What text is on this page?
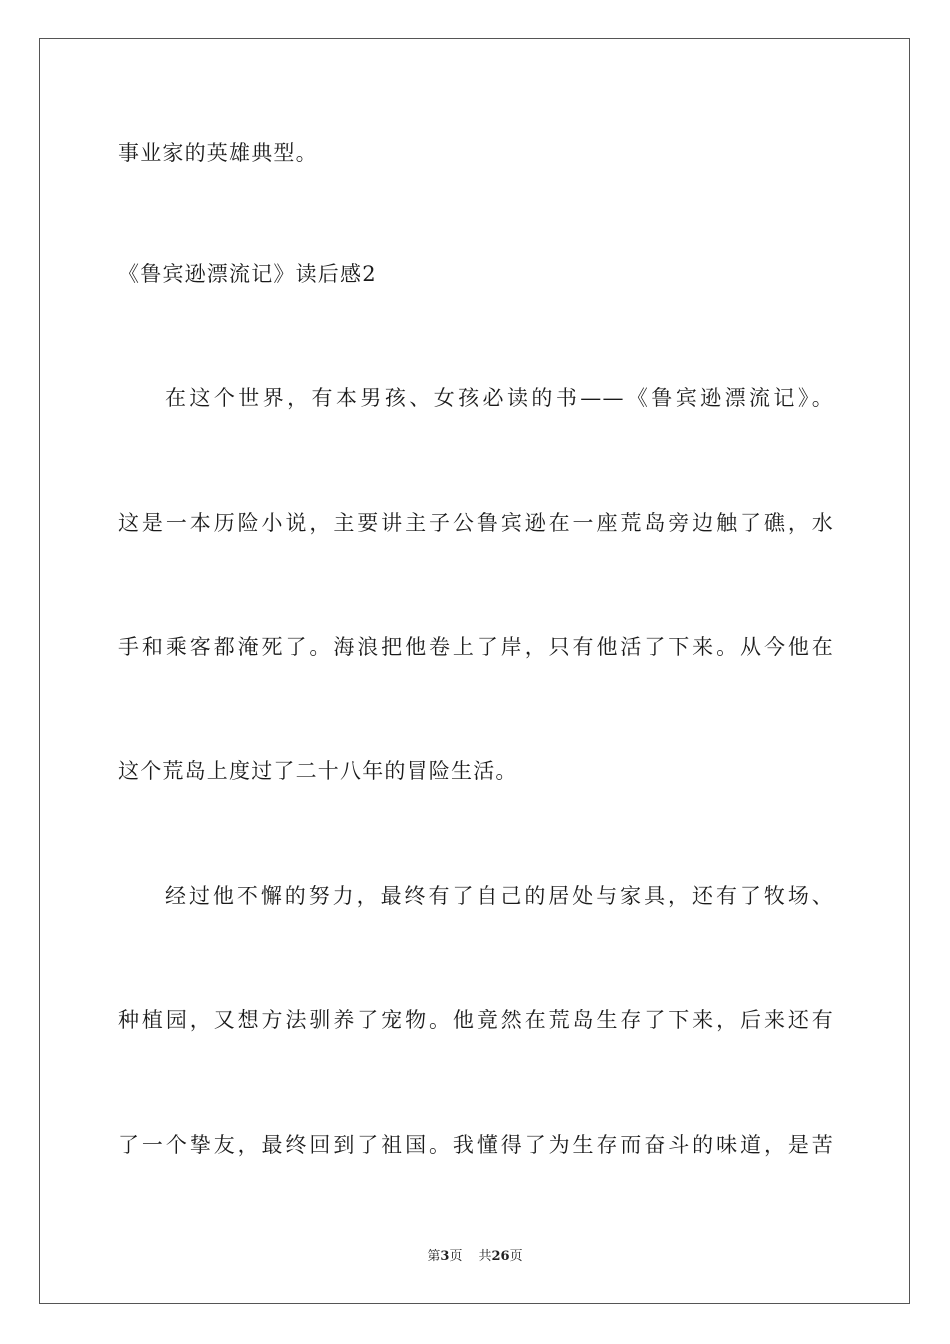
事业家的英雄典型。
《鲁宾逊漂流记》读后感2
在这个世界，有本男孩、女孩必读的书——《鲁宾逊漂流记》。
这是一本历险小说，主要讲主子公鲁宾逊在一座荒岛旁边触了礁，水
手和乘客都淹死了。海浪把他卷上了岸，只有他活了下来。从今他在
这个荒岛上度过了二十八年的冒险生活。
经过他不懈的努力，最终有了自己的居处与家具，还有了牧场、
种植园，又想方法驯养了宠物。他竟然在荒岛生存了下来，后来还有
了一个挚友，最终回到了祖国。我懂得了为生存而奋斗的味道，是苦
第3页 共26页
